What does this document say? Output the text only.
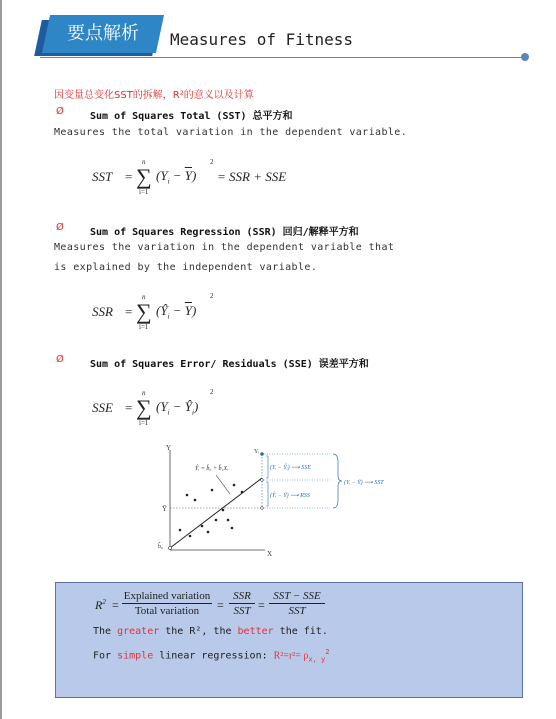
要点解析	Measures of Fitness
因变量总变化SST的拆解，R²的意义以及计算
Ø	Sum of Squares Total (SST) 总平方和
Measures the total variation in the dependent variable.
SST = ∑
n
i=1
$(Y_i - \overline{Y})$
2
= SSR + SSE
Ø	Sum of Squares Regression (SSR) 回归/解释平方和
Measures the variation in the dependent variable that
is explained by the independent variable.
SSR = ∑
n
i=1
$(Ŷ_i - \overline{Y})$
2
Ø	Sum of Squares Error/ Residuals (SSE) 误差平方和
SSE = ∑
n
i=1
($Y_i$ − $Ŷ_i$)
2
Y
X
Ȳ
b̂₀
Ŷᵢ = b̂₀ + b̂₁Xᵢ
Yᵢ
(Yᵢ − Ŷᵢ) ⟶ SSE
(Ŷᵢ − Ȳ) ⟶ RSS
(Yᵢ − Ȳ) ⟶ SST
$R^2$ =
Explained variation
Total variation	=
SSR
SST =
SST − SSE
SST
The greater the R², the better the fit.
For simple linear regression: $R^2=r^2= \rho_{x, y}^2$
